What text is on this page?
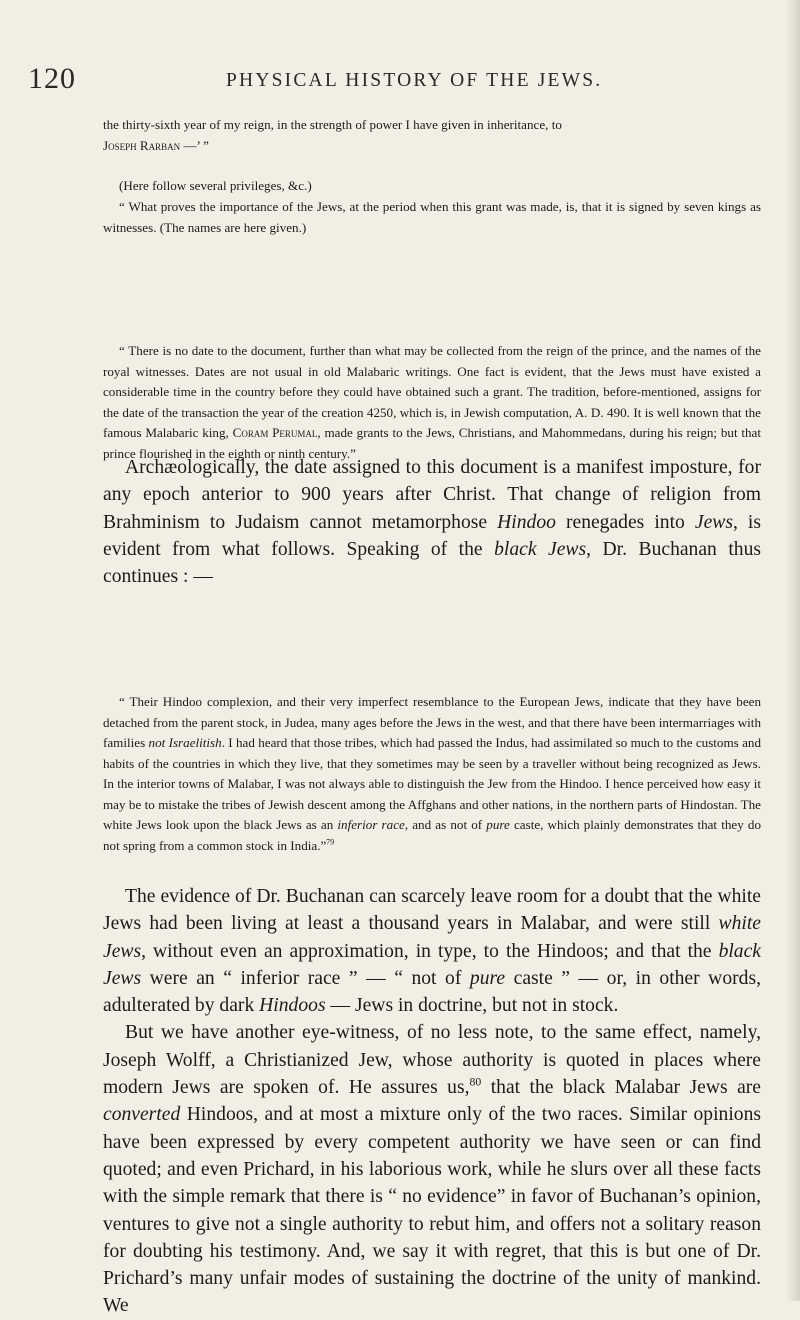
120	PHYSICAL HISTORY OF THE JEWS.

the thirty-sixth year of my reign, in the strength of power I have given in inheritance, to
Joseph Rarban —’ ”

(Here follow several privileges, &c.)

“ What proves the importance of the Jews, at the period when this grant was made, is, that it is signed by seven kings as witnesses. (The names are here given.)

“ There is no date to the document, further than what may be collected from the reign of the prince, and the names of the royal witnesses. Dates are not usual in old Malabaric writings. One fact is evident, that the Jews must have existed a considerable time in the country before they could have obtained such a grant. The tradition, before-mentioned, assigns for the date of the transaction the year of the creation 4250, which is, in Jewish computation, A. D. 490. It is well known that the famous Malabaric king, Coram Perumal, made grants to the Jews, Christians, and Mahommedans, during his reign; but that prince flourished in the eighth or ninth century.”

Archæologically, the date assigned to this document is a manifest imposture, for any epoch anterior to 900 years after Christ. That change of religion from Brahminism to Judaism cannot metamorphose Hindoo renegades into Jews, is evident from what follows. Speaking of the black Jews, Dr. Buchanan thus continues : —

“ Their Hindoo complexion, and their very imperfect resemblance to the European Jews, indicate that they have been detached from the parent stock, in Judea, many ages before the Jews in the west, and that there have been intermarriages with families not Israelitish. I had heard that those tribes, which had passed the Indus, had assimilated so much to the customs and habits of the countries in which they live, that they sometimes may be seen by a traveller without being recognized as Jews. In the interior towns of Malabar, I was not always able to distinguish the Jew from the Hindoo. I hence perceived how easy it may be to mistake the tribes of Jewish descent among the Affghans and other nations, in the northern parts of Hindostan. The white Jews look upon the black Jews as an inferior race, and as not of pure caste, which plainly demonstrates that they do not spring from a common stock in India.”$^{79}$

The evidence of Dr. Buchanan can scarcely leave room for a doubt that the white Jews had been living at least a thousand years in Malabar, and were still white Jews, without even an approximation, in type, to the Hindoos; and that the black Jews were an “ inferior race ” — “ not of pure caste ” — or, in other words, adulterated by dark Hindoos — Jews in doctrine, but not in stock.

But we have another eye-witness, of no less note, to the same effect, namely, Joseph Wolff, a Christianized Jew, whose authority is quoted in places where modern Jews are spoken of. He assures us,$^{80}$ that the black Malabar Jews are converted Hindoos, and at most a mixture only of the two races. Similar opinions have been expressed by every competent authority we have seen or can find quoted; and even Prichard, in his laborious work, while he slurs over all these facts with the simple remark that there is “ no evidence” in favor of Buchanan’s opinion, ventures to give not a single authority to rebut him, and offers not a solitary reason for doubting his testimony. And, we say it with regret, that this is but one of Dr. Prichard’s many unfair modes of sustaining the doctrine of the unity of mankind. We
